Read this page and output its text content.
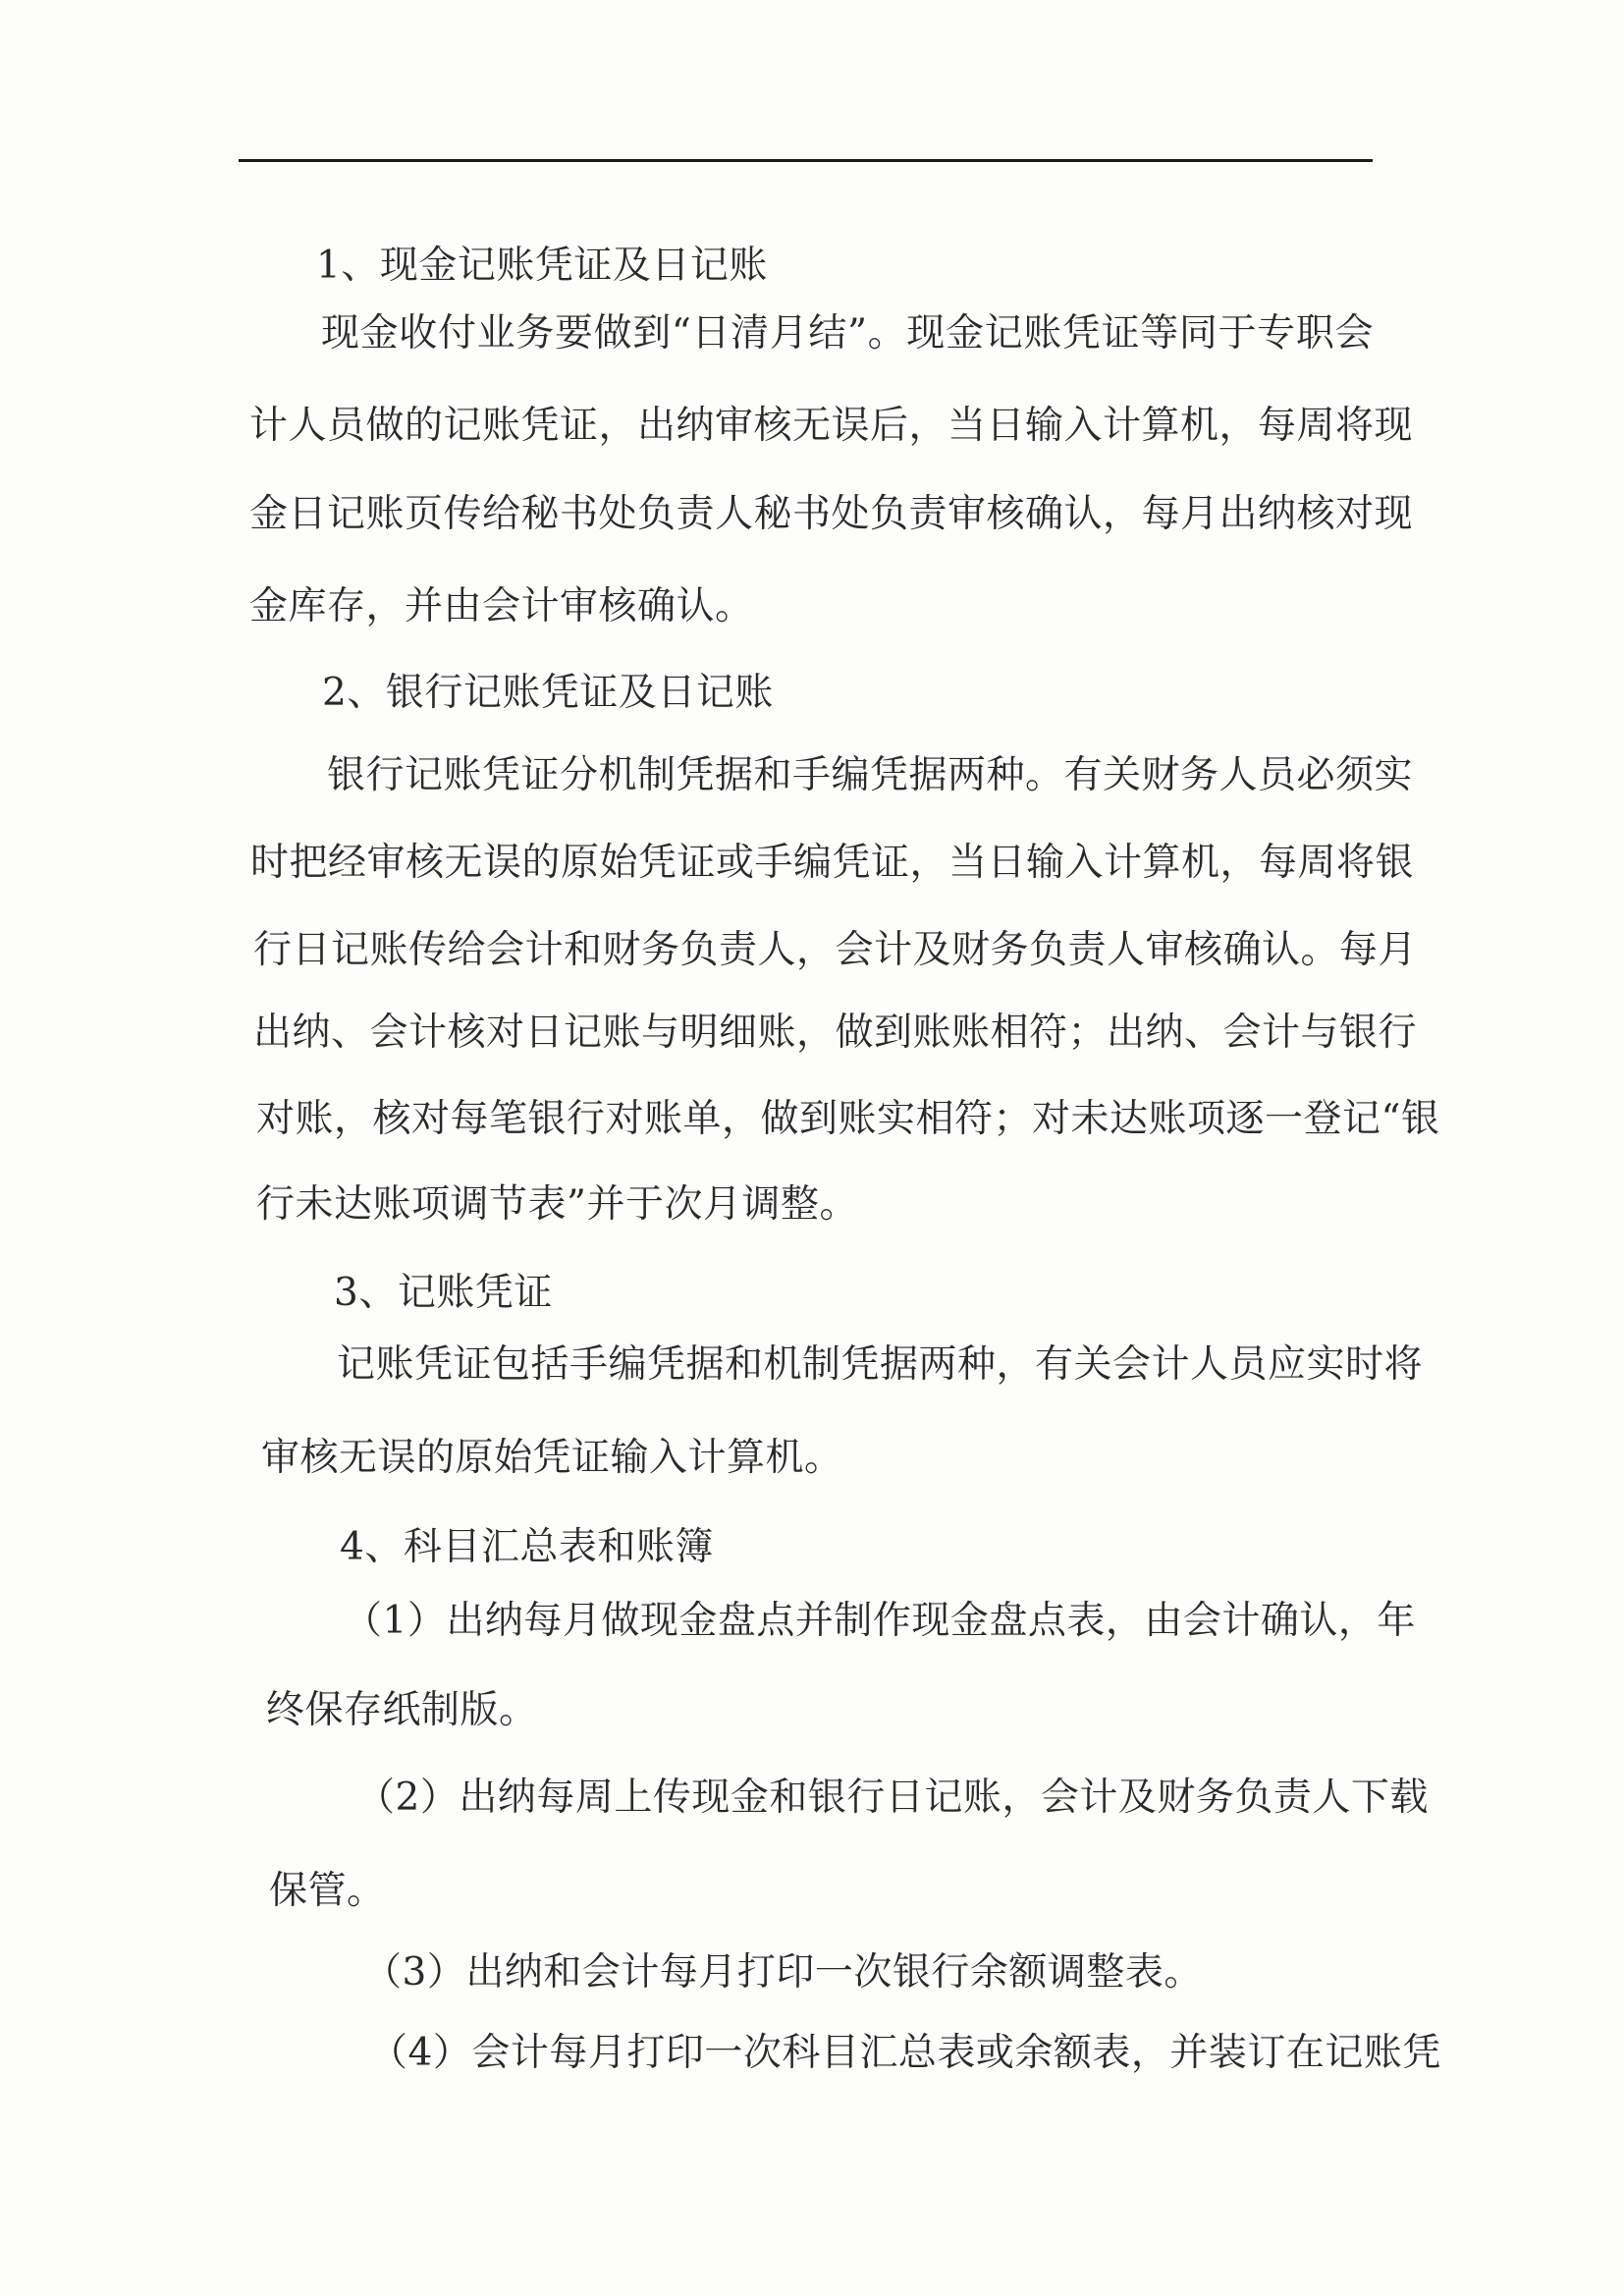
1、现金记账凭证及日记账
现金收付业务要做到“日清月结”。现金记账凭证等同于专职会
计人员做的记账凭证，出纳审核无误后，当日输入计算机，每周将现
金日记账页传给秘书处负责人秘书处负责审核确认，每月出纳核对现
金库存，并由会计审核确认。
2、银行记账凭证及日记账
银行记账凭证分机制凭据和手编凭据两种。有关财务人员必须实
时把经审核无误的原始凭证或手编凭证，当日输入计算机，每周将银
行日记账传给会计和财务负责人，会计及财务负责人审核确认。每月
出纳、会计核对日记账与明细账，做到账账相符；出纳、会计与银行
对账，核对每笔银行对账单，做到账实相符；对未达账项逐一登记“银
行未达账项调节表”并于次月调整。
3、记账凭证
记账凭证包括手编凭据和机制凭据两种，有关会计人员应实时将
审核无误的原始凭证输入计算机。
4、科目汇总表和账簿
（1）出纳每月做现金盘点并制作现金盘点表，由会计确认，年
终保存纸制版。
（2）出纳每周上传现金和银行日记账，会计及财务负责人下载
保管。
（3）出纳和会计每月打印一次银行余额调整表。
（4）会计每月打印一次科目汇总表或余额表，并装订在记账凭
